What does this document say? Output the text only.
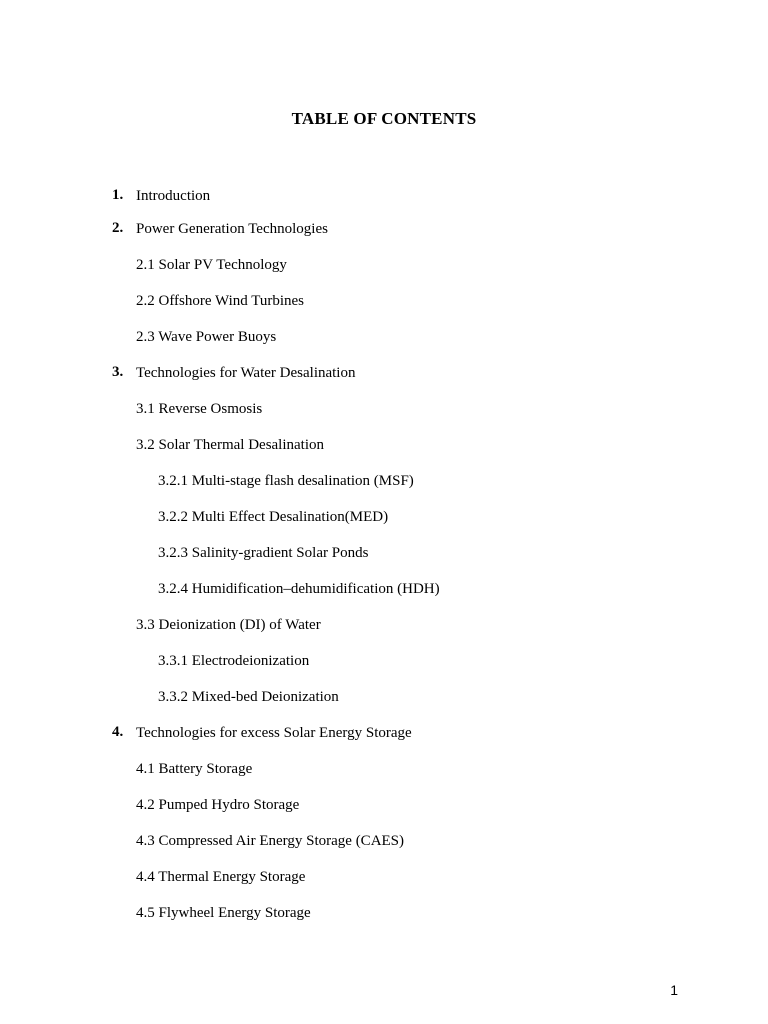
TABLE OF CONTENTS
1. Introduction
2. Power Generation Technologies
2.1 Solar PV Technology
2.2 Offshore Wind Turbines
2.3 Wave Power Buoys
3. Technologies for Water Desalination
3.1 Reverse Osmosis
3.2 Solar Thermal Desalination
3.2.1 Multi-stage flash desalination (MSF)
3.2.2 Multi Effect Desalination(MED)
3.2.3 Salinity-gradient Solar Ponds
3.2.4 Humidification–dehumidification (HDH)
3.3 Deionization (DI) of Water
3.3.1 Electrodeionization
3.3.2 Mixed-bed Deionization
4. Technologies for excess Solar Energy Storage
4.1 Battery Storage
4.2 Pumped Hydro Storage
4.3 Compressed Air Energy Storage (CAES)
4.4 Thermal Energy Storage
4.5 Flywheel Energy Storage
1
